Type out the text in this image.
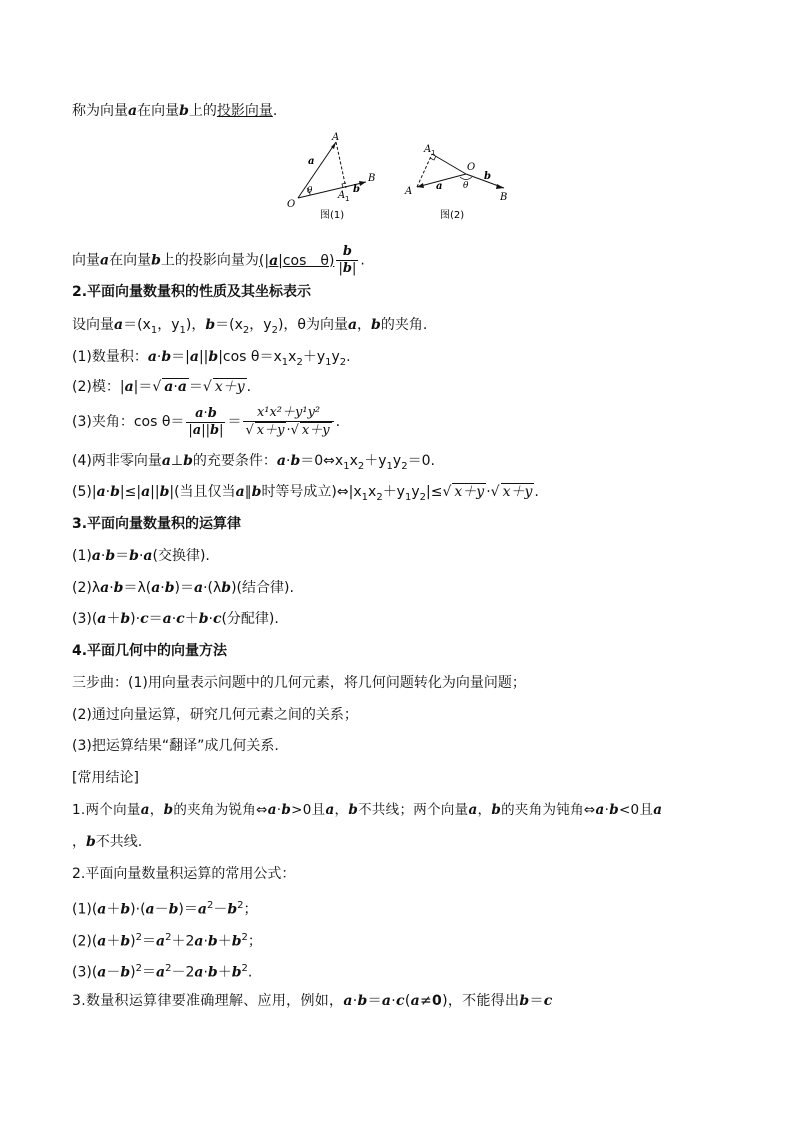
称为向量a在向量b上的投影向量.
A
a
O
θ	A 1
b
B
图(1)
A 1
O
A a θ
b
B
图(2)
向量a在向量b上的投影向量为(|a|cos　$\theta) \frac{b}{|b|}$ .
2.平面向量数量积的性质及其坐标表示
设向量$a=(x_1$，$y_1$)，$b=(x_2$，$y_2$)，θ为向量a，b的夹角.
(1)数量积：a·b＝|a||b|cos $\theta=x_1x_2+y_1y_2$.
(2)模：|a|＝√ a·a ＝√ x＋y .
(3)夹角：$\cos \theta= \frac{a\cdot b}{|a||b|} = \frac{\text{x¹x²＋y¹y²}}{√ x+y \cdot√ x+y}$ .
(4)两非零向量a⊥b的充要条件：$a\cdot b=0\Leftrightarrow x_1x_2+y_1y_2=0$.
(5)|a·b|≤|a||b|(当且仅当a∥b时等号成立)$\Leftrightarrow|x_1x_2+y_1y_2|\le√$ x＋y ·√ x＋y .
3.平面向量数量积的运算律
(1)a·b＝b·a(交换律).
(2)λa·b＝λ(a·b)＝a·(λb)(结合律).
(3)(a＋b)·c＝a·c＋b·c(分配律).
4.平面几何中的向量方法
三步曲：(1)用向量表示问题中的几何元素，将几何问题转化为向量问题；
(2)通过向量运算，研究几何元素之间的关系；
(3)把运算结果“翻译”成几何关系.
[常用结论]
1.两个向量a，b的夹角为锐角⇔a·b>0且a，b不共线；两个向量a，b的夹角为钝角⇔a·b<0且a
，b不共线.
2.平面向量数量积运算的常用公式：
$(1)(a+b)\cdot(a-b)=a^2-b^2$；
$(2)(a+b)^2=a^2+2a\cdot b+b^2$；
$(3)(a-b)^2=a^2-2a\cdot b+b^2$.
3.数量积运算律要准确理解、应用，例如，a·b＝a·c(a≠0)，不能得出b＝c
